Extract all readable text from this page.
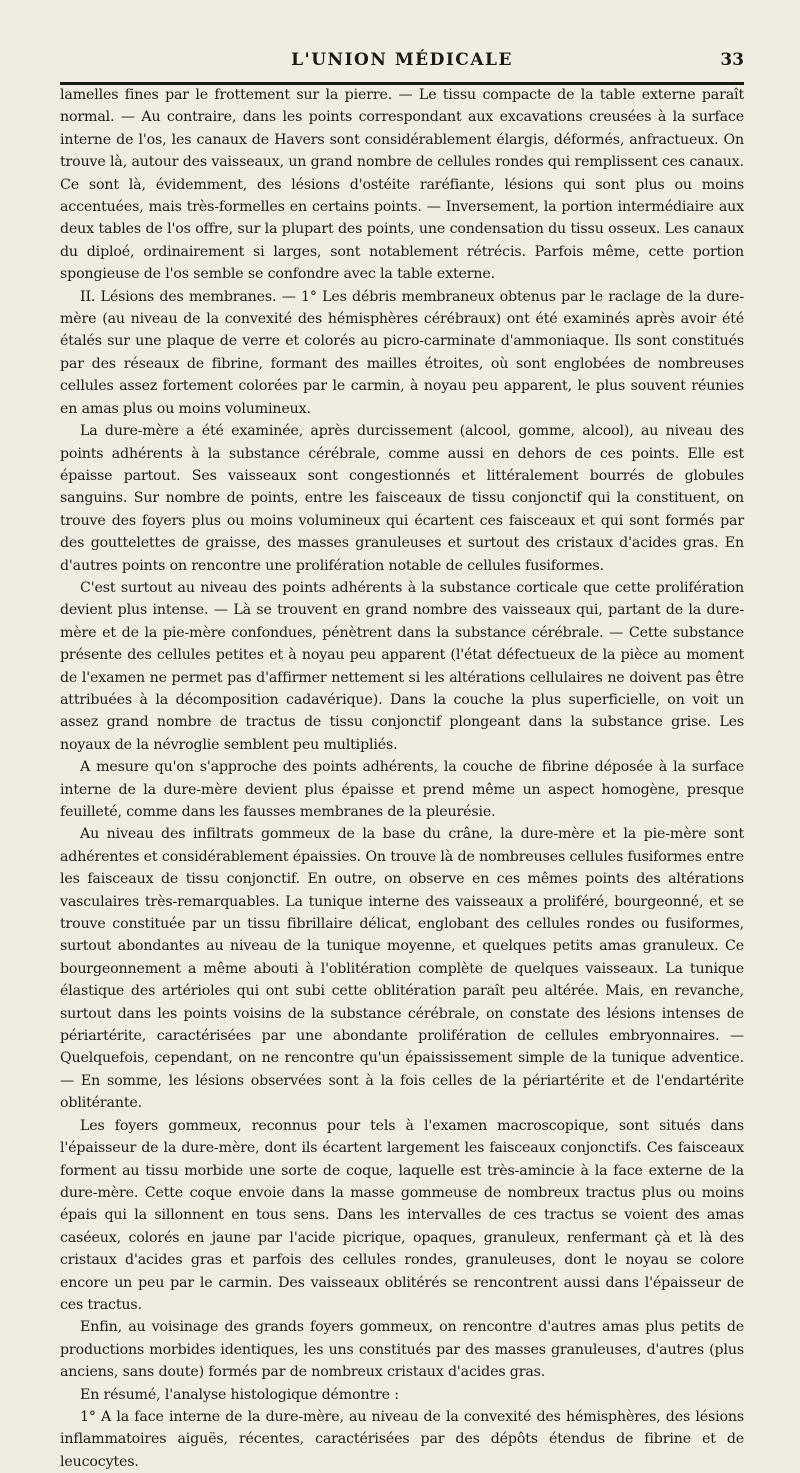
L'UNION MÉDICALE	33

lamelles fines par le frottement sur la pierre. — Le tissu compacte de la table externe paraît normal. — Au contraire, dans les points correspondant aux excavations creusées à la surface interne de l'os, les canaux de Havers sont considérablement élargis, déformés, anfractueux. On trouve là, autour des vaisseaux, un grand nombre de cellules rondes qui remplissent ces canaux. Ce sont là, évidemment, des lésions d'ostéite raréfiante, lésions qui sont plus ou moins accentuées, mais très-formelles en certains points. — Inversement, la portion intermédiaire aux deux tables de l'os offre, sur la plupart des points, une condensation du tissu osseux. Les canaux du diploé, ordinairement si larges, sont notablement rétrécis. Parfois même, cette portion spongieuse de l'os semble se confondre avec la table externe.

II. Lésions des membranes. — 1° Les débris membraneux obtenus par le raclage de la dure-mère (au niveau de la convexité des hémisphères cérébraux) ont été examinés après avoir été étalés sur une plaque de verre et colorés au picro-carminate d'ammoniaque. Ils sont constitués par des réseaux de fibrine, formant des mailles étroites, où sont englobées de nombreuses cellules assez fortement colorées par le carmin, à noyau peu apparent, le plus souvent réunies en amas plus ou moins volumineux.

La dure-mère a été examinée, après durcissement (alcool, gomme, alcool), au niveau des points adhérents à la substance cérébrale, comme aussi en dehors de ces points. Elle est épaisse partout. Ses vaisseaux sont congestionnés et littéralement bourrés de globules sanguins. Sur nombre de points, entre les faisceaux de tissu conjonctif qui la constituent, on trouve des foyers plus ou moins volumineux qui écartent ces faisceaux et qui sont formés par des gouttelettes de graisse, des masses granuleuses et surtout des cristaux d'acides gras. En d'autres points on rencontre une prolifération notable de cellules fusiformes.

C'est surtout au niveau des points adhérents à la substance corticale que cette prolifération devient plus intense. — Là se trouvent en grand nombre des vaisseaux qui, partant de la dure-mère et de la pie-mère confondues, pénètrent dans la substance cérébrale. — Cette substance présente des cellules petites et à noyau peu apparent (l'état défectueux de la pièce au moment de l'examen ne permet pas d'affirmer nettement si les altérations cellulaires ne doivent pas être attribuées à la décomposition cadavérique). Dans la couche la plus superficielle, on voit un assez grand nombre de tractus de tissu conjonctif plongeant dans la substance grise. Les noyaux de la névroglie semblent peu multipliés.

A mesure qu'on s'approche des points adhérents, la couche de fibrine déposée à la surface interne de la dure-mère devient plus épaisse et prend même un aspect homogène, presque feuilleté, comme dans les fausses membranes de la pleurésie.

Au niveau des infiltrats gommeux de la base du crâne, la dure-mère et la pie-mère sont adhérentes et considérablement épaissies. On trouve là de nombreuses cellules fusiformes entre les faisceaux de tissu conjonctif. En outre, on observe en ces mêmes points des altérations vasculaires très-remarquables. La tunique interne des vaisseaux a proliféré, bourgeonné, et se trouve constituée par un tissu fibrillaire délicat, englobant des cellules rondes ou fusiformes, surtout abondantes au niveau de la tunique moyenne, et quelques petits amas granuleux. Ce bourgeonnement a même abouti à l'oblitération complète de quelques vaisseaux. La tunique élastique des artérioles qui ont subi cette oblitération paraît peu altérée. Mais, en revanche, surtout dans les points voisins de la substance cérébrale, on constate des lésions intenses de périartérite, caractérisées par une abondante prolifération de cellules embryonnaires. — Quelquefois, cependant, on ne rencontre qu'un épaississement simple de la tunique adventice. — En somme, les lésions observées sont à la fois celles de la périartérite et de l'endartérite oblitérante.

Les foyers gommeux, reconnus pour tels à l'examen macroscopique, sont situés dans l'épaisseur de la dure-mère, dont ils écartent largement les faisceaux conjonctifs. Ces faisceaux forment au tissu morbide une sorte de coque, laquelle est très-amincie à la face externe de la dure-mère. Cette coque envoie dans la masse gommeuse de nombreux tractus plus ou moins épais qui la sillonnent en tous sens. Dans les intervalles de ces tractus se voient des amas caséeux, colorés en jaune par l'acide picrique, opaques, granuleux, renfermant çà et là des cristaux d'acides gras et parfois des cellules rondes, granuleuses, dont le noyau se colore encore un peu par le carmin. Des vaisseaux oblitérés se rencontrent aussi dans l'épaisseur de ces tractus.

Enfin, au voisinage des grands foyers gommeux, on rencontre d'autres amas plus petits de productions morbides identiques, les uns constitués par des masses granuleuses, d'autres (plus anciens, sans doute) formés par de nombreux cristaux d'acides gras.

En résumé, l'analyse histologique démontre :

1° A la face interne de la dure-mère, au niveau de la convexité des hémisphères, des lésions inflammatoires aiguës, récentes, caractérisées par des dépôts étendus de fibrine et de leucocytes.
